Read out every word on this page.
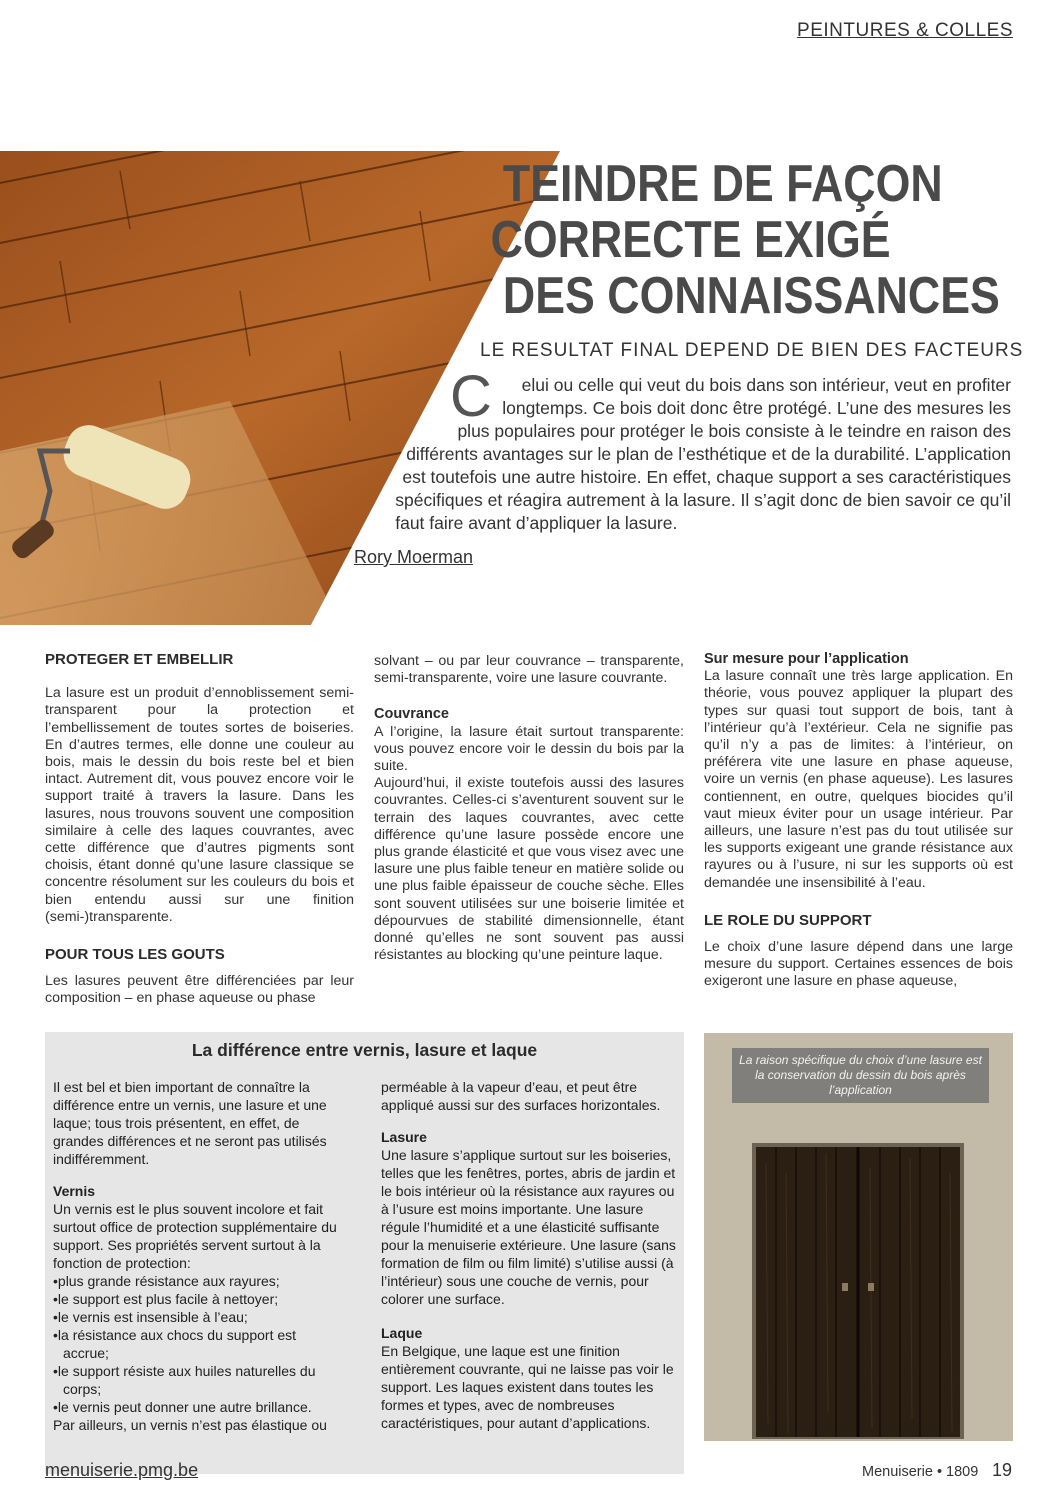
PEINTURES & COLLES
TEINDRE DE FAÇON
CORRECTE EXIGÉ
DES CONNAISSANCES
LE RESULTAT FINAL DEPEND DE BIEN DES FACTEURS
C	elui ou celle qui veut du bois dans son intérieur, veut en profiter
longtemps. Ce bois doit donc être protégé. L’une des mesures les
plus populaires pour protéger le bois consiste à le teindre en raison des
différents avantages sur le plan de l’esthétique et de la durabilité. L’application
est toutefois une autre histoire. En effet, chaque support a ses caractéristiques
spécifiques et réagira autrement à la lasure. Il s’agit donc de bien savoir ce qu’il
faut faire avant d’appliquer la lasure.
Rory Moerman

PROTEGER ET EMBELLIR

La lasure est un produit d’ennoblissement semi-transparent pour la protection et l’embellissement de toutes sortes de boiseries. En d’autres termes, elle donne une couleur au bois, mais le dessin du bois reste bel et bien intact. Autrement dit, vous pouvez encore voir le support traité à travers la lasure. Dans les lasures, nous trouvons souvent une composition similaire à celle des laques couvrantes, avec cette différence que d’autres pigments sont choisis, étant donné qu’une lasure classique se concentre résolument sur les couleurs du bois et bien entendu aussi sur une finition (semi-)transparente.

POUR TOUS LES GOUTS

Les lasures peuvent être différenciées par leur composition – en phase aqueuse ou phase

solvant – ou par leur couvrance – transparente, semi-transparente, voire une lasure couvrante.

Couvrance

A l’origine, la lasure était surtout transparente: vous pouvez encore voir le dessin du bois par la suite.

Aujourd’hui, il existe toutefois aussi des lasures couvrantes. Celles-ci s’aventurent souvent sur le terrain des laques couvrantes, avec cette différence qu’une lasure possède encore une plus grande élasticité et que vous visez avec une lasure une plus faible teneur en matière solide ou une plus faible épaisseur de couche sèche. Elles sont souvent utilisées sur une boiserie limitée et dépourvues de stabilité dimensionnelle, étant donné qu’elles ne sont souvent pas aussi résistantes au blocking qu’une peinture laque.

Sur mesure pour l’application

La lasure connaît une très large application. En théorie, vous pouvez appliquer la plupart des types sur quasi tout support de bois, tant à l’intérieur qu’à l’extérieur. Cela ne signifie pas qu’il n’y a pas de limites: à l’intérieur, on préférera vite une lasure en phase aqueuse, voire un vernis (en phase aqueuse). Les lasures contiennent, en outre, quelques biocides qu’il vaut mieux éviter pour un usage intérieur. Par ailleurs, une lasure n’est pas du tout utilisée sur les supports exigeant une grande résistance aux rayures ou à l’usure, ni sur les supports où est demandée une insensibilité à l’eau.

LE ROLE DU SUPPORT

Le choix d’une lasure dépend dans une large mesure du support. Certaines essences de bois exigeront une lasure en phase aqueuse,

La différence entre vernis, lasure et laque

Il est bel et bien important de connaître la différence entre un vernis, une lasure et une laque; tous trois présentent, en effet, de grandes différences et ne seront pas utilisés indifféremment.

Vernis

Un vernis est le plus souvent incolore et fait surtout office de protection supplémentaire du support. Ses propriétés servent surtout à la fonction de protection:

•plus grande résistance aux rayures;

•le support est plus facile à nettoyer;

•le vernis est insensible à l’eau;

•la résistance aux chocs du support est accrue;

•le support résiste aux huiles naturelles du corps;

•le vernis peut donner une autre brillance.

Par ailleurs, un vernis n’est pas élastique ou

perméable à la vapeur d’eau, et peut être appliqué aussi sur des surfaces horizontales.

Lasure

Une lasure s’applique surtout sur les boiseries, telles que les fenêtres, portes, abris de jardin et le bois intérieur où la résistance aux rayures ou à l’usure est moins importante. Une lasure régule l’humidité et a une élasticité suffisante pour la menuiserie extérieure. Une lasure (sans formation de film ou film limité) s’utilise aussi (à l’intérieur) sous une couche de vernis, pour colorer une surface.

Laque

En Belgique, une laque est une finition entièrement couvrante, qui ne laisse pas voir le support. Les laques existent dans toutes les formes et types, avec de nombreuses caractéristiques, pour autant d’applications.

La raison spécifique du choix d’une lasure est la conservation du dessin du bois après l’application
menuiserie.pmg.be	Menuiserie • 1809 19
